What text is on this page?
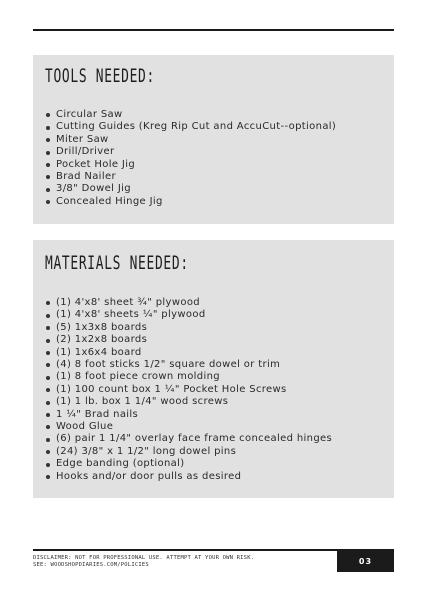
TOOLS NEEDED:
Circular Saw
Cutting Guides (Kreg Rip Cut and AccuCut--optional)
Miter Saw
Drill/Driver
Pocket Hole Jig
Brad Nailer
3/8" Dowel Jig
Concealed Hinge Jig
MATERIALS NEEDED:
(1) 4'x8' sheet ¾" plywood
(1) 4'x8' sheets ¼" plywood
(5) 1x3x8 boards
(2) 1x2x8 boards
(1) 1x6x4 board
(4) 8 foot sticks 1/2" square dowel or trim
(1) 8 foot piece crown molding
(1) 100 count box 1 ¼" Pocket Hole Screws
(1) 1 lb. box 1 1/4" wood screws
1 ¼" Brad nails
Wood Glue
(6) pair 1 1/4" overlay face frame concealed hinges
(24) 3/8" x 1 1/2" long dowel pins
Edge banding (optional)
Hooks and/or door pulls as desired
DISCLAIMER: NOT FOR PROFESSIONAL USE. ATTEMPT AT YOUR OWN RISK.
SEE: WOODSHOPDIARIES.COM/POLICIES	03
